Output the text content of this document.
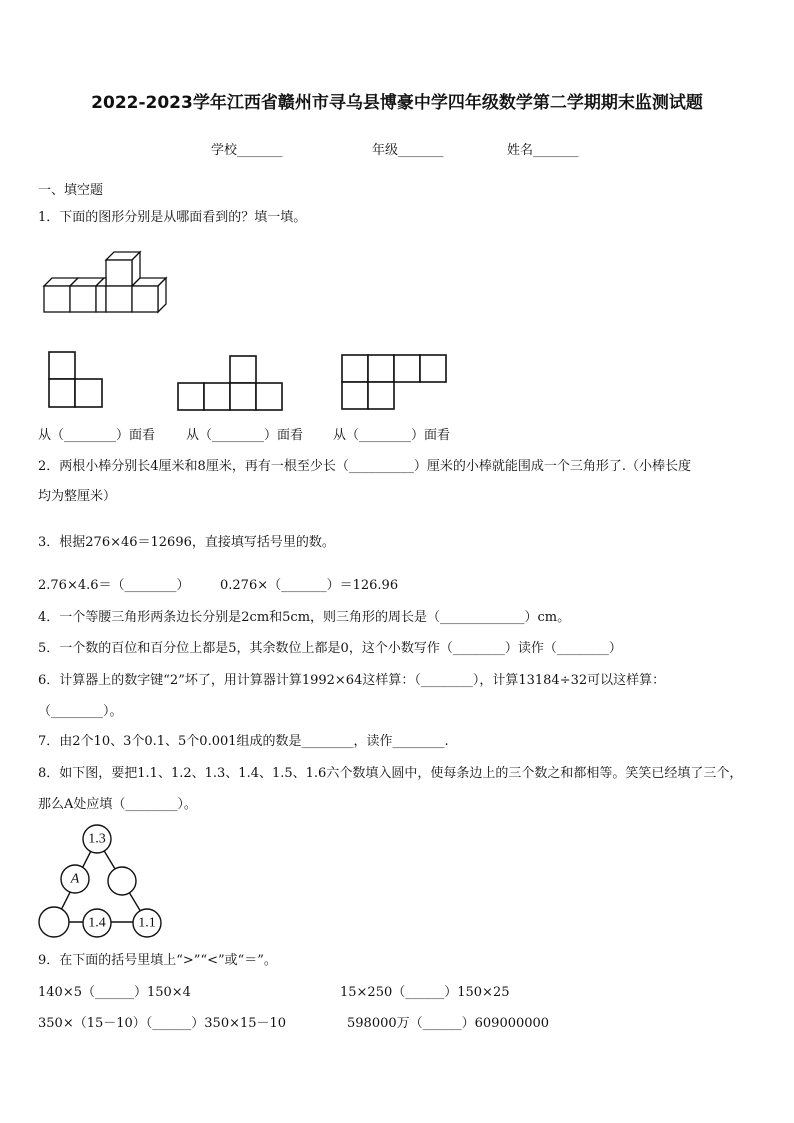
2022-2023学年江西省赣州市寻乌县博豪中学四年级数学第二学期期末监测试题
学校_______	年级_______	姓名_______
一、填空题
1．下面的图形分别是从哪面看到的？填一填。
从（________）面看 从（________）面看 从（________）面看
2．两根小棒分别长4厘米和8厘米，再有一根至少长（__________）厘米的小棒就能围成一个三角形了.（小棒长度
均为整厘米）
3．根据276×46＝12696，直接填写括号里的数。
2.76×4.6＝（________） 0.276×（_______）＝126.96
4．一个等腰三角形两条边长分别是2cm和5cm，则三角形的周长是（_____________）cm。
5．一个数的百位和百分位上都是5，其余数位上都是0，这个小数写作（________）读作（________）
6．计算器上的数字键“2”坏了，用计算器计算1992×64这样算：（________），计算13184÷32可以这样算：
（________）。
7．由2个10、3个0.1、5个0.001组成的数是________，读作________.
8．如下图，要把1.1、1.2、1.3、1.4、1.5、1.6六个数填入圆中，使每条边上的三个数之和都相等。笑笑已经填了三个，
那么A处应填（________）。
1.3
A
1.4 1.1
9．在下面的括号里填上“>”“<”或“＝”。
140×5（______）150×4	15×250（______）150×25
350×（15－10）（______）350×15－10	598000万（______）609000000
